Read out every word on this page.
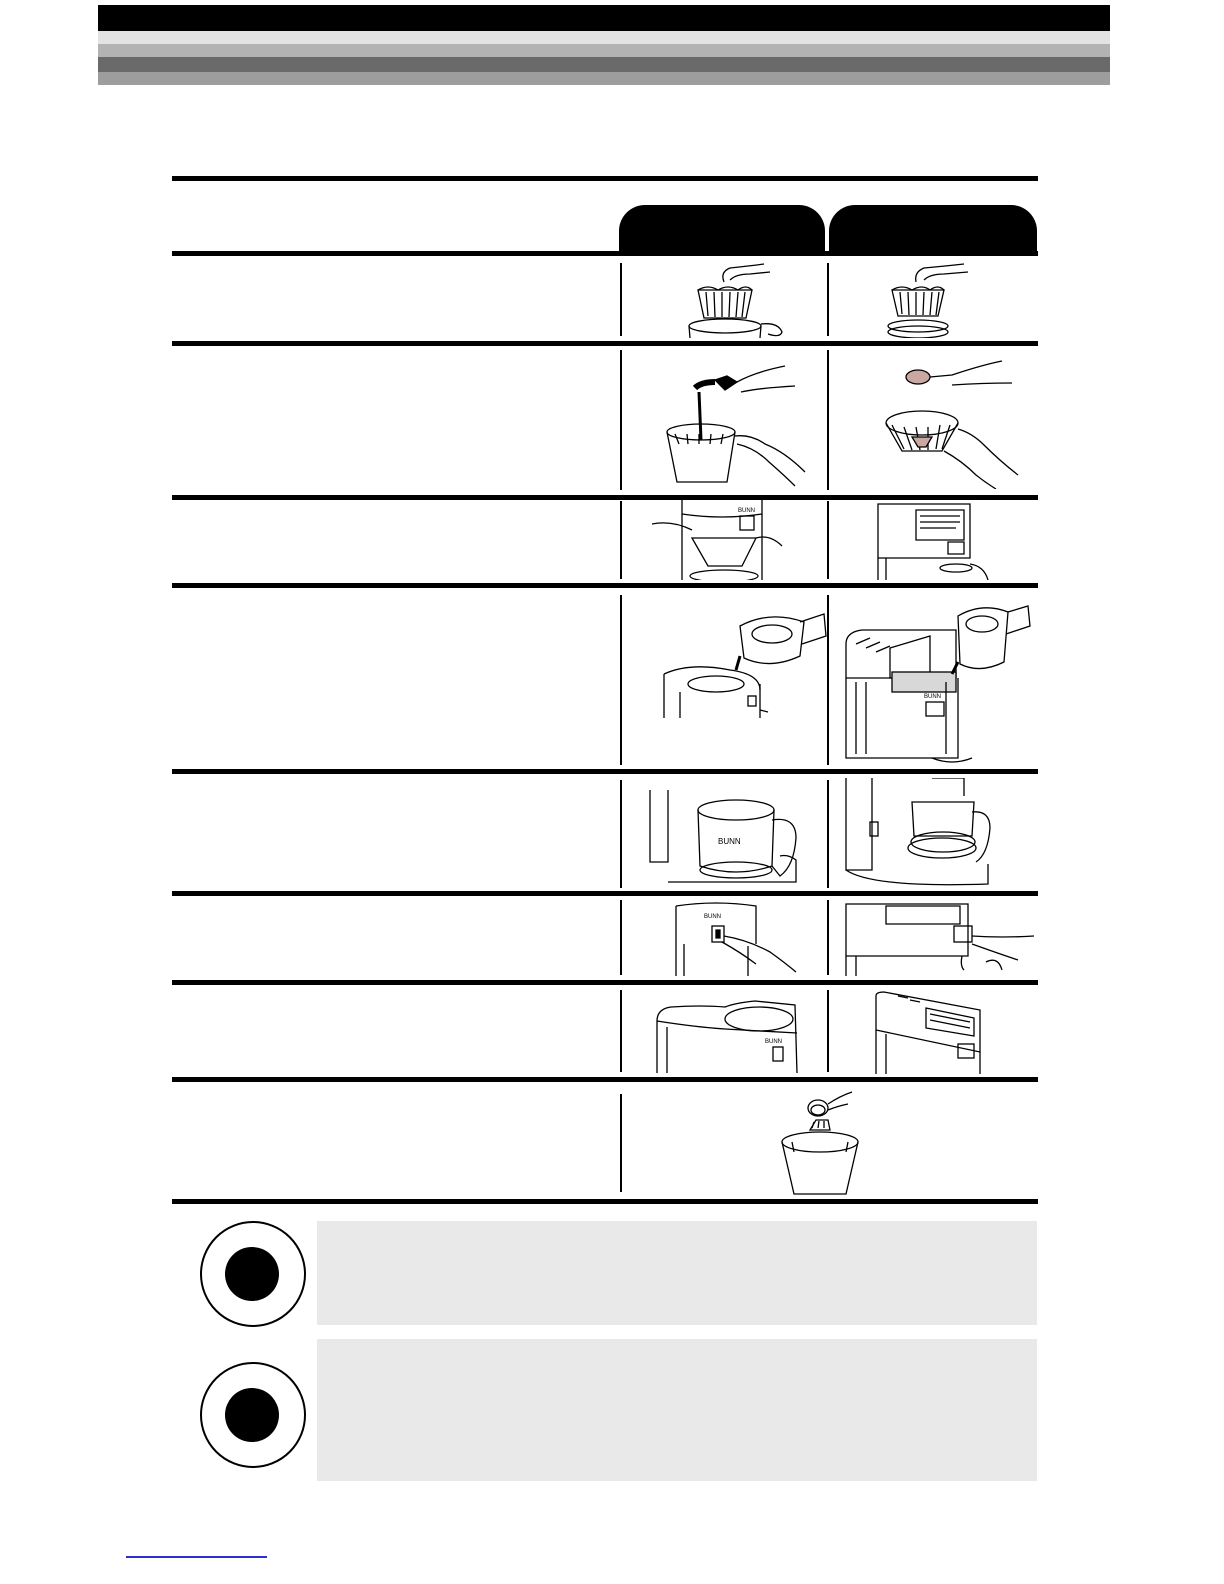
BUNN
BUNN
BUNN
BUNN
BUNN
